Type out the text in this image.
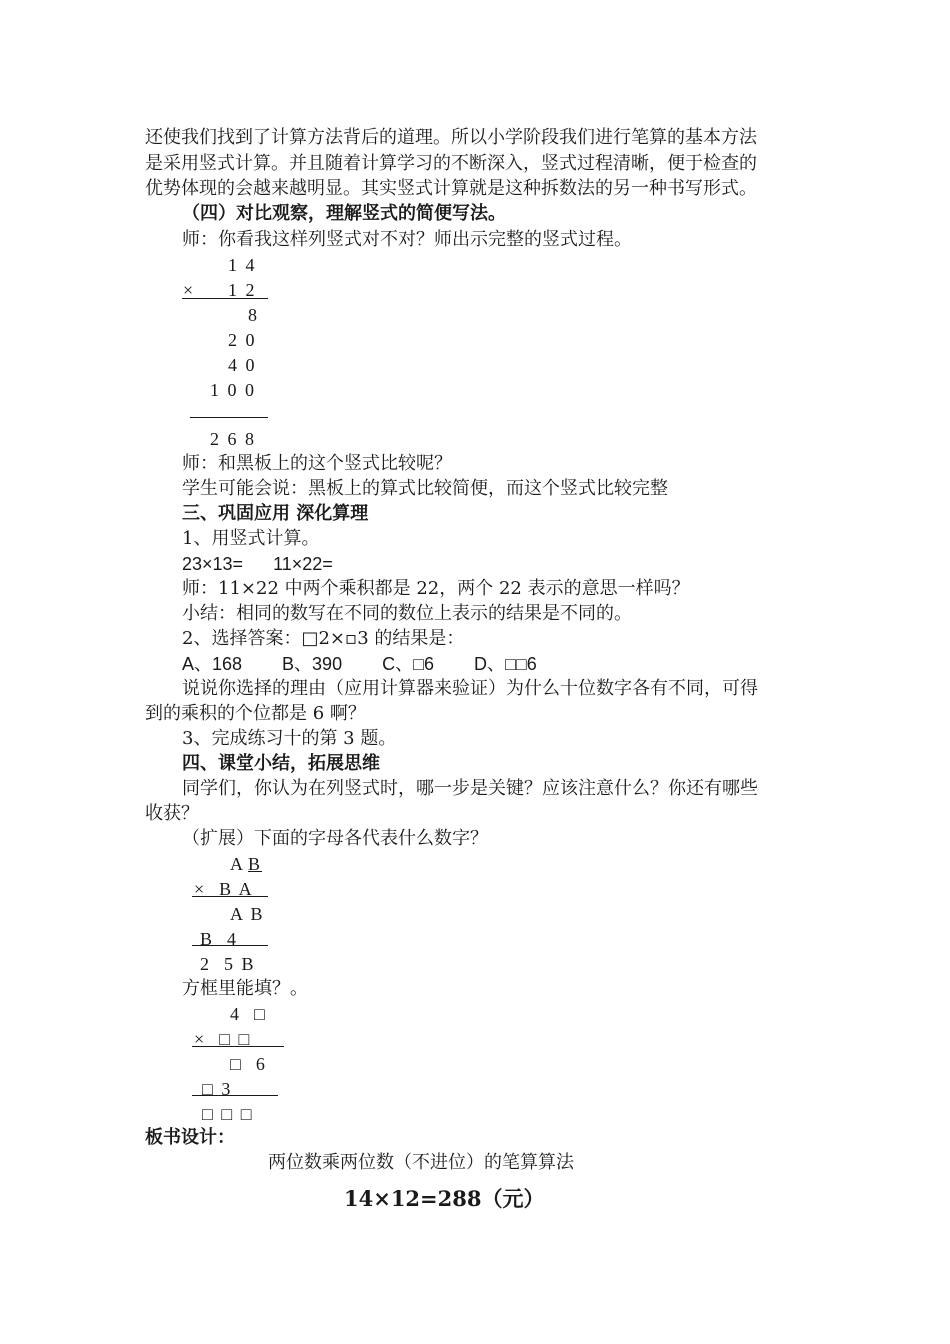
还使我们找到了计算方法背后的道理。所以小学阶段我们进行笔算的基本方法
是采用竖式计算。并且随着计算学习的不断深入，竖式过程清晰，便于检查的
优势体现的会越来越明显。其实竖式计算就是这种拆数法的另一种书写形式。
（四）对比观察，理解竖式的简便写法。
师：你看我这样列竖式对不对？师出示完整的竖式过程。
1 4
× 1 2
8
2 0
4 0
1 0 0
2 6 8
师：和黑板上的这个竖式比较呢？
学生可能会说：黑板上的算式比较简便，而这个竖式比较完整
三、巩固应用 深化算理
1、用竖式计算。
23×13=      11×22=
师：11×22 中两个乘积都是 22，两个 22 表示的意思一样吗？
小结：相同的数写在不同的数位上表示的结果是不同的。
2、选择答案：□2×▫3 的结果是：
A、168        B、390        C、□6        D、□□6
说说你选择的理由（应用计算器来验证）为什么十位数字各有不同，可得
到的乘积的个位都是 6 啊？
3、完成练习十的第 3 题。
四、课堂小结，拓展思维
同学们，你认为在列竖式时，哪一步是关键？应该注意什么？你还有哪些
收获？
（扩展）下面的字母各代表什么数字？
A B
×  B A
A B
B  4
2  5 B
方框里能填？。
4  □
×  □ □
□  6
□ 3
□ □ □
板书设计：
两位数乘两位数（不进位）的笔算算法
14×12=288（元）
